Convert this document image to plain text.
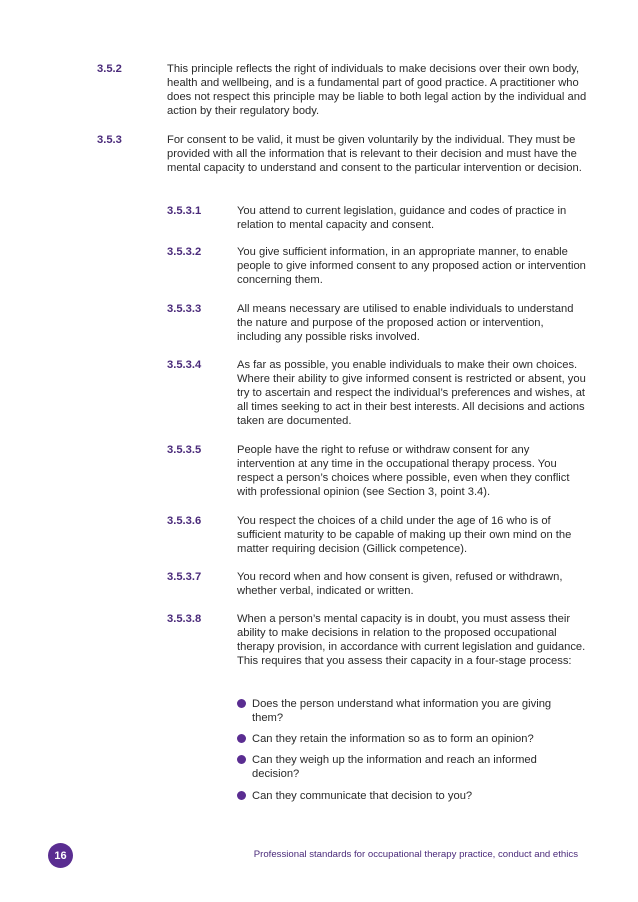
3.5.2	This principle reflects the right of individuals to make decisions over their own body, health and wellbeing, and is a fundamental part of good practice. A practitioner who does not respect this principle may be liable to both legal action by the individual and action by their regulatory body.
3.5.3	For consent to be valid, it must be given voluntarily by the individual. They must be provided with all the information that is relevant to their decision and must have the mental capacity to understand and consent to the particular intervention or decision.
3.5.3.1	You attend to current legislation, guidance and codes of practice in relation to mental capacity and consent.
3.5.3.2	You give sufficient information, in an appropriate manner, to enable people to give informed consent to any proposed action or intervention concerning them.
3.5.3.3	All means necessary are utilised to enable individuals to understand the nature and purpose of the proposed action or intervention, including any possible risks involved.
3.5.3.4	As far as possible, you enable individuals to make their own choices. Where their ability to give informed consent is restricted or absent, you try to ascertain and respect the individual’s preferences and wishes, at all times seeking to act in their best interests. All decisions and actions taken are documented.
3.5.3.5	People have the right to refuse or withdraw consent for any intervention at any time in the occupational therapy process. You respect a person’s choices where possible, even when they conflict with professional opinion (see Section 3, point 3.4).
3.5.3.6	You respect the choices of a child under the age of 16 who is of sufficient maturity to be capable of making up their own mind on the matter requiring decision (Gillick competence).
3.5.3.7	You record when and how consent is given, refused or withdrawn, whether verbal, indicated or written.
3.5.3.8	When a person’s mental capacity is in doubt, you must assess their ability to make decisions in relation to the proposed occupational therapy provision, in accordance with current legislation and guidance. This requires that you assess their capacity in a four-stage process:
Does the person understand what information you are giving them?
Can they retain the information so as to form an opinion?
Can they weigh up the information and reach an informed decision?
Can they communicate that decision to you?
16	Professional standards for occupational therapy practice, conduct and ethics
